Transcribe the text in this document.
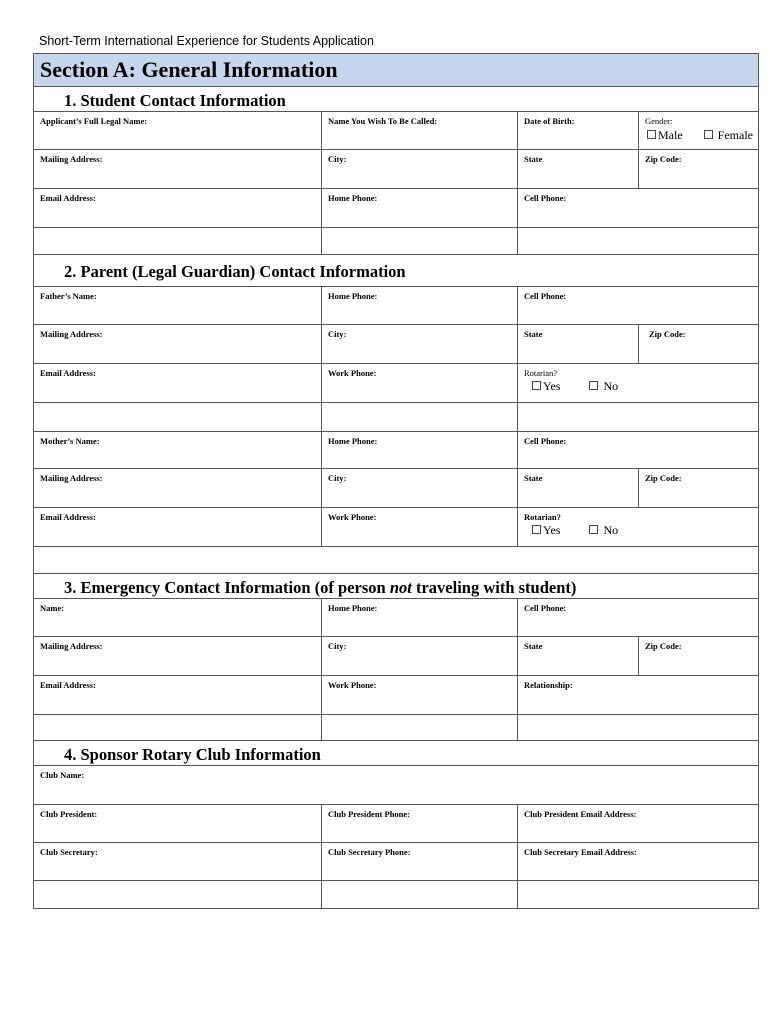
Short-Term International Experience for Students Application
Section A: General Information
1. Student Contact Information
Applicant’s Full Legal Name:	Name You Wish To Be Called:	Date of Birth:	Gender:
Male	Female
Mailing Address:	City:	State	Zip Code:
Email Address:	Home Phone:	Cell Phone:
2. Parent (Legal Guardian) Contact Information
Father’s Name:	Home Phone:	Cell Phone:
Mailing Address:	City:	State	Zip Code:
Email Address:	Work Phone:	Rotarian?
Yes	No
Mother’s Name:	Home Phone:	Cell Phone:
Mailing Address:	City:	State	Zip Code:
Email Address:	Work Phone:	Rotarian?
Yes	No
3. Emergency Contact Information (of person not traveling with student)
Name:	Home Phone:	Cell Phone:
Mailing Address:	City:	State	Zip Code:
Email Address:	Work Phone:	Relationship:
4. Sponsor Rotary Club Information
Club Name:
Club President:	Club President Phone:	Club President Email Address:
Club Secretary:	Club Secretary Phone:	Club Secretary Email Address:
